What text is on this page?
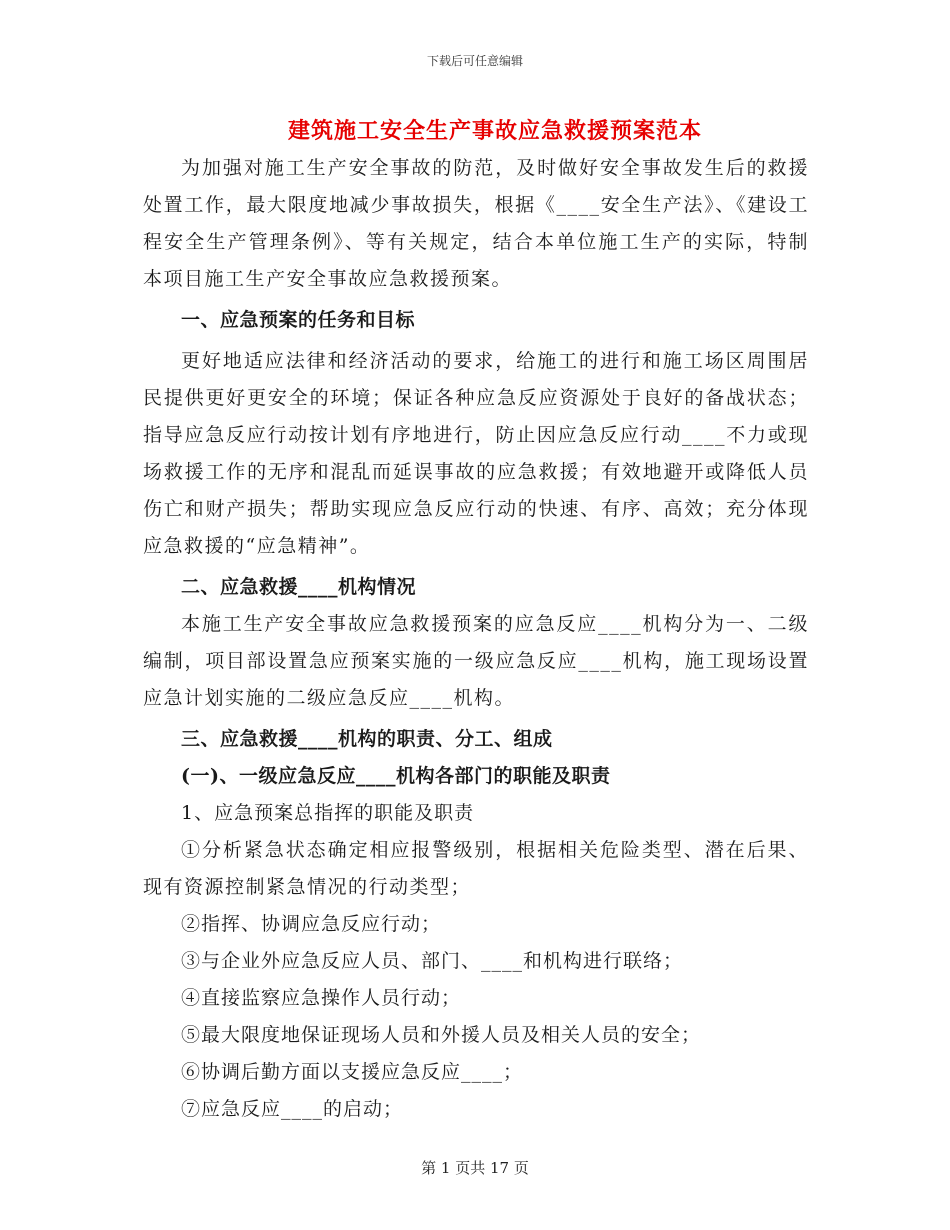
下载后可任意编辑
建筑施工安全生产事故应急救援预案范本

为加强对施工生产安全事故的防范，及时做好安全事故发生后的救援处置工作，最大限度地减少事故损失，根据《____安全生产法》、《建设工程安全生产管理条例》、等有关规定，结合本单位施工生产的实际，特制本项目施工生产安全事故应急救援预案。

一、应急预案的任务和目标

更好地适应法律和经济活动的要求，给施工的进行和施工场区周围居民提供更好更安全的环境；保证各种应急反应资源处于良好的备战状态；指导应急反应行动按计划有序地进行，防止因应急反应行动____不力或现场救援工作的无序和混乱而延误事故的应急救援；有效地避开或降低人员伤亡和财产损失；帮助实现应急反应行动的快速、有序、高效；充分体现应急救援的“应急精神”。

二、应急救援____机构情况

本施工生产安全事故应急救援预案的应急反应____机构分为一、二级编制，项目部设置急应预案实施的一级应急反应____机构，施工现场设置应急计划实施的二级应急反应____机构。

三、应急救援____机构的职责、分工、组成

(一)、一级应急反应____机构各部门的职能及职责

1、应急预案总指挥的职能及职责

①分析紧急状态确定相应报警级别，根据相关危险类型、潜在后果、现有资源控制紧急情况的行动类型；

②指挥、协调应急反应行动；

③与企业外应急反应人员、部门、____和机构进行联络；

④直接监察应急操作人员行动；

⑤最大限度地保证现场人员和外援人员及相关人员的安全；

⑥协调后勤方面以支援应急反应____；

⑦应急反应____的启动；

第 1 页共 17 页
